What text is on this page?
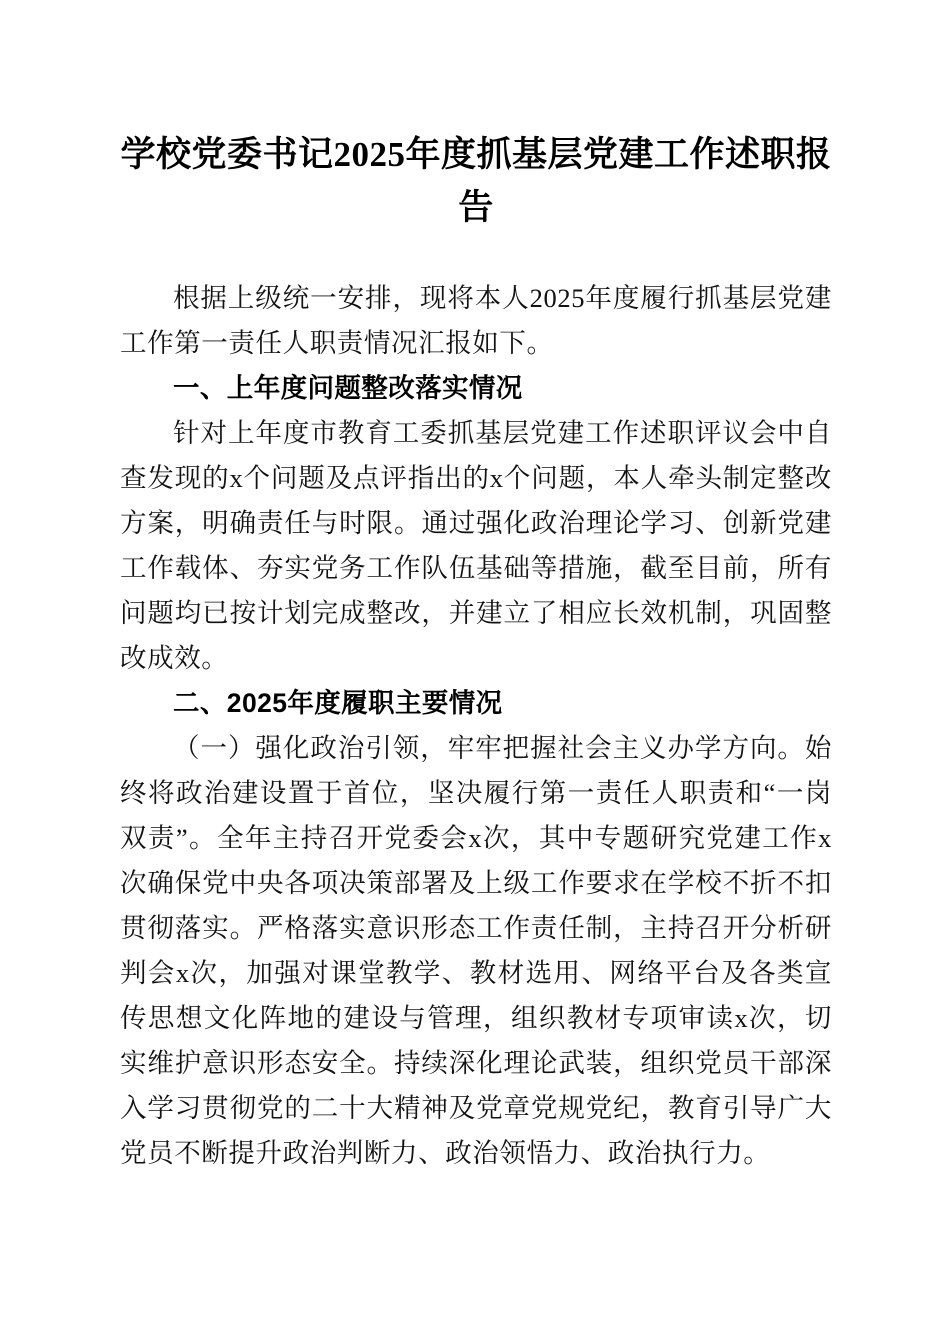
学校党委书记2025年度抓基层党建工作述职报告

根据上级统一安排，现将本人2025年度履行抓基层党建工作第一责任人职责情况汇报如下。

一、上年度问题整改落实情况

针对上年度市教育工委抓基层党建工作述职评议会中自查发现的x个问题及点评指出的x个问题，本人牵头制定整改方案，明确责任与时限。通过强化政治理论学习、创新党建工作载体、夯实党务工作队伍基础等措施，截至目前，所有问题均已按计划完成整改，并建立了相应长效机制，巩固整改成效。

二、2025年度履职主要情况

（一）强化政治引领，牢牢把握社会主义办学方向。始终将政治建设置于首位，坚决履行第一责任人职责和“一岗双责”。全年主持召开党委会x次，其中专题研究党建工作x次确保党中央各项决策部署及上级工作要求在学校不折不扣贯彻落实。严格落实意识形态工作责任制，主持召开分析研判会x次，加强对课堂教学、教材选用、网络平台及各类宣传思想文化阵地的建设与管理，组织教材专项审读x次，切实维护意识形态安全。持续深化理论武装，组织党员干部深入学习贯彻党的二十大精神及党章党规党纪，教育引导广大党员不断提升政治判断力、政治领悟力、政治执行力。
